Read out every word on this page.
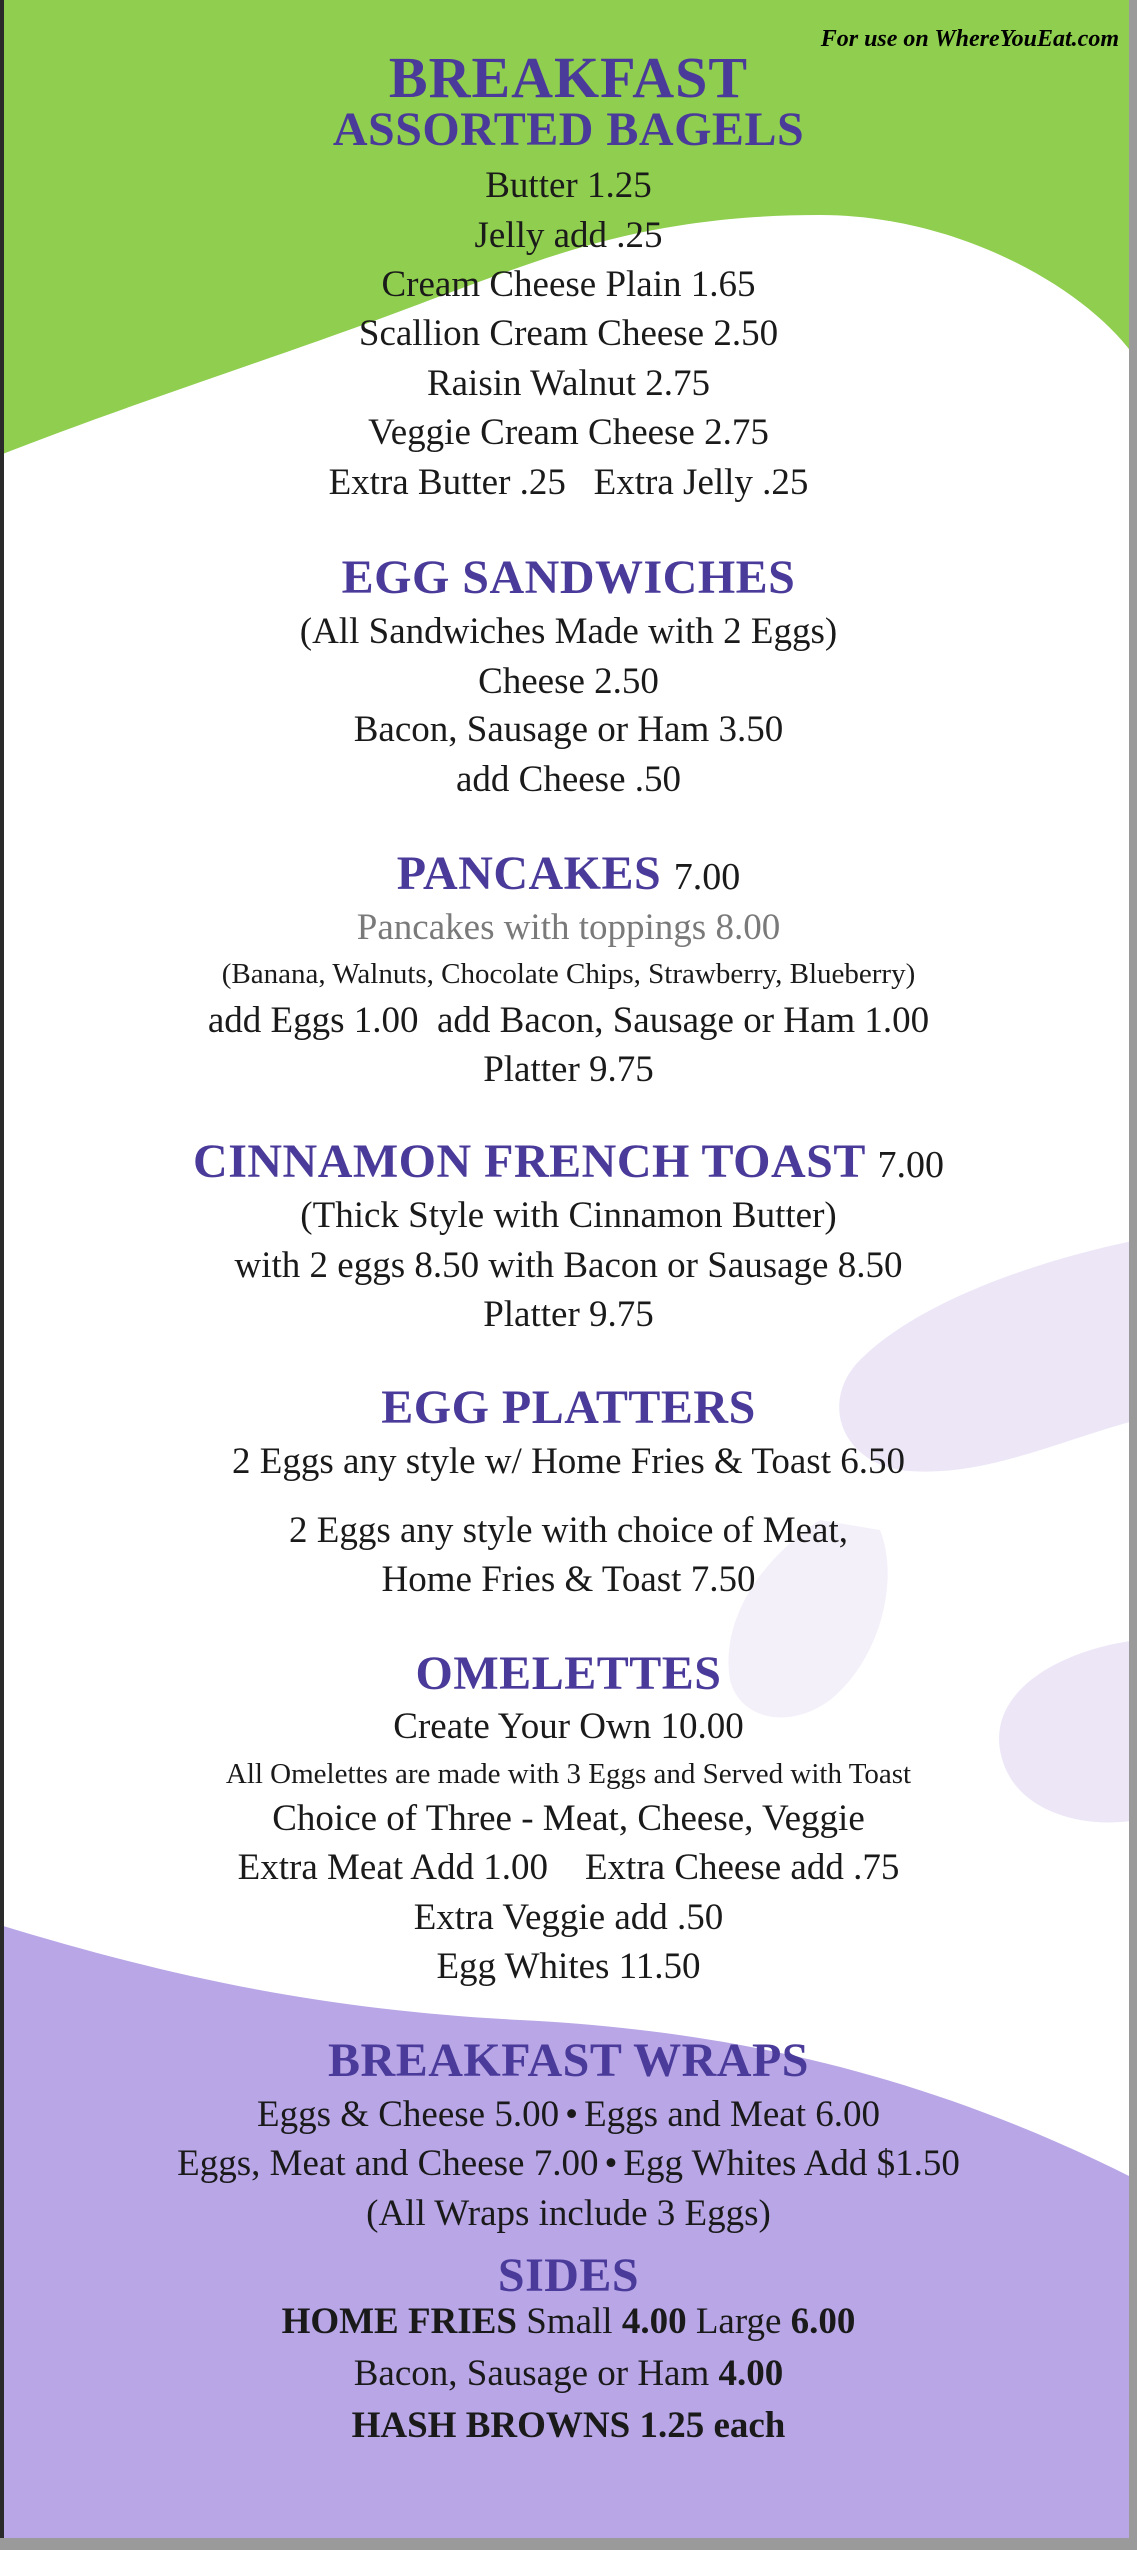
For use on WhereYouEat.com
BREAKFAST
ASSORTED BAGELS
Butter 1.25
Jelly add .25
Cream Cheese Plain 1.65
Scallion Cream Cheese 2.50
Raisin Walnut 2.75
Veggie Cream Cheese 2.75
Extra Butter .25 Extra Jelly .25
EGG SANDWICHES
(All Sandwiches Made with 2 Eggs)
Cheese 2.50
Bacon, Sausage or Ham 3.50
add Cheese .50
PANCAKES 7.00
Pancakes with toppings 8.00
(Banana, Walnuts, Chocolate Chips, Strawberry, Blueberry)
add Eggs 1.00 add Bacon, Sausage or Ham 1.00
Platter 9.75
CINNAMON FRENCH TOAST 7.00
(Thick Style with Cinnamon Butter)
with 2 eggs 8.50 with Bacon or Sausage 8.50
Platter 9.75
EGG PLATTERS
2 Eggs any style w/ Home Fries & Toast 6.50
2 Eggs any style with choice of Meat,
Home Fries & Toast 7.50
OMELETTES
Create Your Own 10.00
All Omelettes are made with 3 Eggs and Served with Toast
Choice of Three - Meat, Cheese, Veggie
Extra Meat Add 1.00 Extra Cheese add .75
Extra Veggie add .50
Egg Whites 11.50
BREAKFAST WRAPS
Eggs & Cheese 5.00 • Eggs and Meat 6.00
Eggs, Meat and Cheese 7.00 • Egg Whites Add $1.50
(All Wraps include 3 Eggs)
SIDES
HOME FRIES Small 4.00 Large 6.00
Bacon, Sausage or Ham 4.00
HASH BROWNS 1.25 each
